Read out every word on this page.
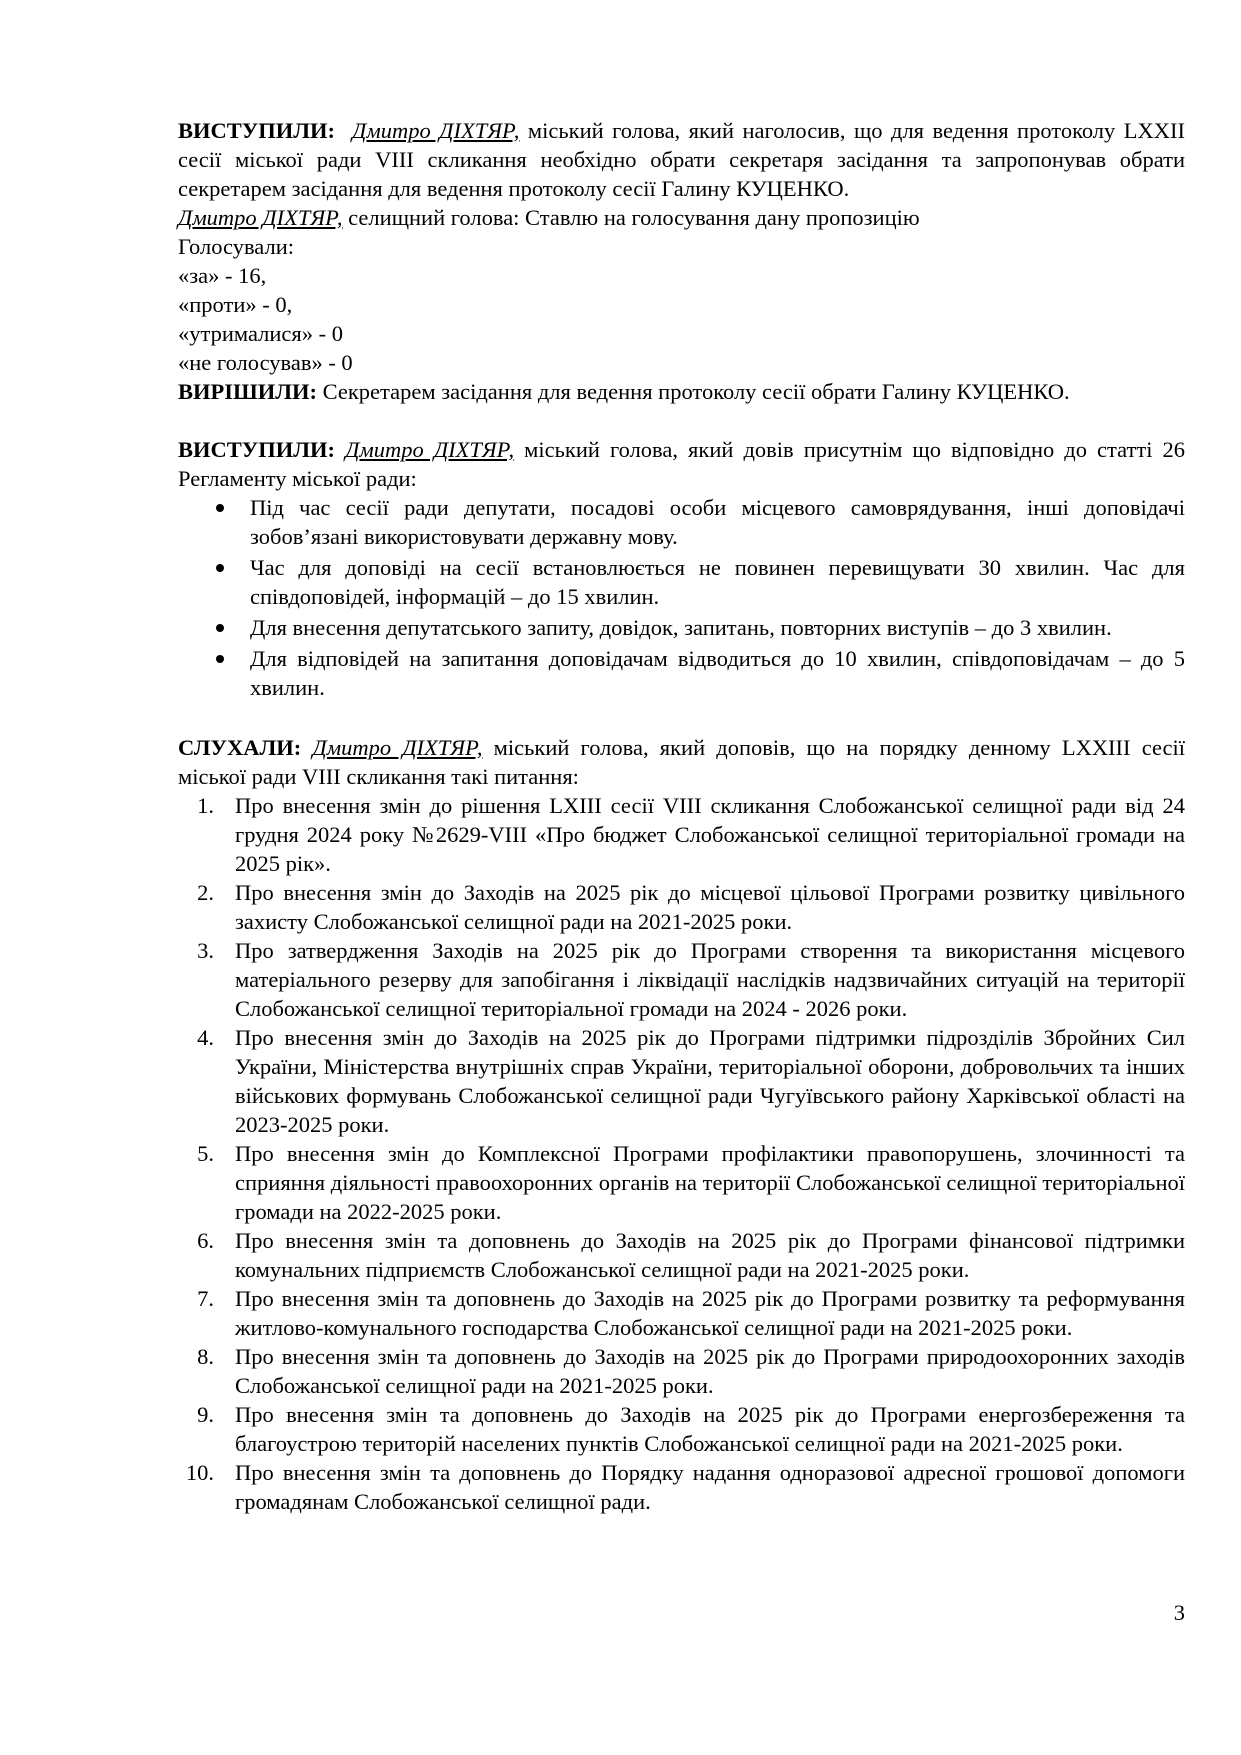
ВИСТУПИЛИ: Дмитро ДІХТЯР, міський голова, який наголосив, що для ведення протоколу LXXII сесії міської ради VIII скликання необхідно обрати секретаря засідання та запропонував обрати секретарем засідання для ведення протоколу сесії Галину КУЦЕНКО.

Дмитро ДІХТЯР, селищний голова: Ставлю на голосування дану пропозицію

Голосували:

«за» - 16,

«проти» - 0,

«утрималися» - 0

«не голосував» - 0

ВИРІШИЛИ: Секретарем засідання для ведення протоколу сесії обрати Галину КУЦЕНКО.

ВИСТУПИЛИ: Дмитро ДІХТЯР, міський голова, який довів присутнім що відповідно до статті 26 Регламенту міської ради:

Під час сесії ради депутати, посадові особи місцевого самоврядування, інші доповідачі зобов’язані використовувати державну мову.
Час для доповіді на сесії встановлюється не повинен перевищувати 30 хвилин. Час для співдоповідей, інформацій – до 15 хвилин.
Для внесення депутатського запиту, довідок, запитань, повторних виступів – до 3 хвилин.
Для відповідей на запитання доповідачам відводиться до 10 хвилин, співдоповідачам – до 5 хвилин.

СЛУХАЛИ: Дмитро ДІХТЯР, міський голова, який доповів, що на порядку денному LXXIII сесії міської ради VIII скликання такі питання:

1. Про внесення змін до рішення LXIII сесії VIII скликання Слобожанської селищної ради від 24 грудня 2024 року №2629-VIII «Про бюджет Слобожанської селищної територіальної громади на 2025 рік».
2. Про внесення змін до Заходів на 2025 рік до місцевої цільової Програми розвитку цивільного захисту Слобожанської селищної ради на 2021-2025 роки.
3. Про затвердження Заходів на 2025 рік до Програми створення та використання місцевого матеріального резерву для запобігання і ліквідації наслідків надзвичайних ситуацій на території Слобожанської селищної територіальної громади на 2024 - 2026 роки.
4. Про внесення змін до Заходів на 2025 рік до Програми підтримки підрозділів Збройних Сил України, Міністерства внутрішніх справ України, територіальної оборони, добровольчих та інших військових формувань Слобожанської селищної ради Чугуївського району Харківської області на 2023-2025 роки.
5. Про внесення змін до Комплексної Програми профілактики правопорушень, злочинності та сприяння діяльності правоохоронних органів на території Слобожанської селищної територіальної громади на 2022-2025 роки.
6. Про внесення змін та доповнень до Заходів на 2025 рік до Програми фінансової підтримки комунальних підприємств Слобожанської селищної ради на 2021-2025 роки.
7. Про внесення змін та доповнень до Заходів на 2025 рік до Програми розвитку та реформування житлово-комунального господарства Слобожанської селищної ради на 2021-2025 роки.
8. Про внесення змін та доповнень до Заходів на 2025 рік до Програми природоохоронних заходів Слобожанської селищної ради на 2021-2025 роки.
9. Про внесення змін та доповнень до Заходів на 2025 рік до Програми енергозбереження та благоустрою територій населених пунктів Слобожанської селищної ради на 2021-2025 роки.
10. Про внесення змін та доповнень до Порядку надання одноразової адресної грошової допомоги громадянам Слобожанської селищної ради.
3
